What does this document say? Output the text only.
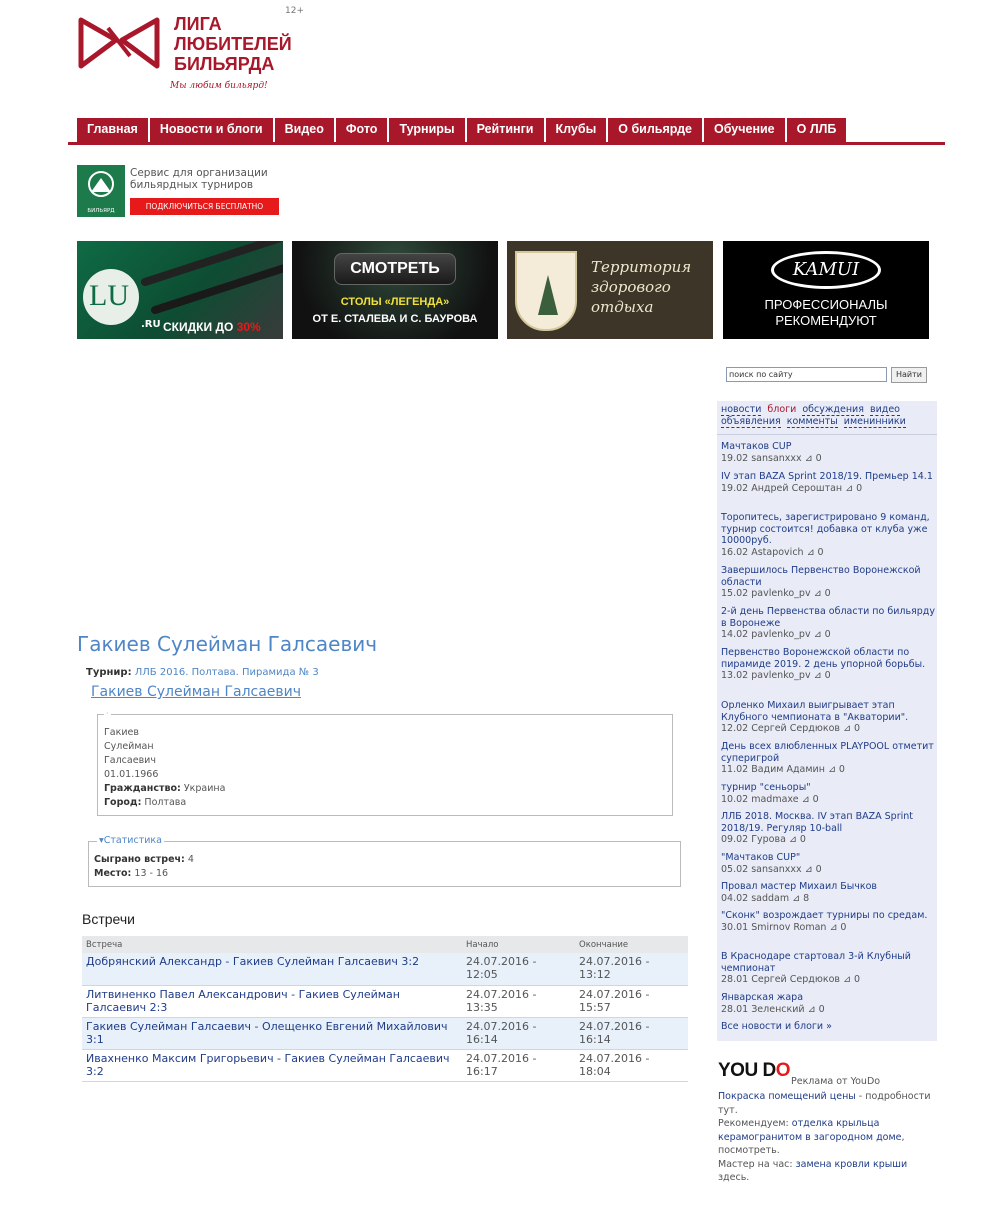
ЛИГА
ЛЮБИТЕЛЕЙ
БИЛЬЯРДА
Мы любим бильярд!
12+
Главная	Новости и блоги	Видео	Фото	Турниры	Рейтинги	Клубы	О бильярде	Обучение	О ЛЛБ
БИЛЬЯРД
Сервис для организации бильярдных турниров
ПОДКЛЮЧИТЬСЯ БЕСПЛАТНО
LU
.RU СКИДКИ ДО 30%
СМОТРЕТЬ
СТОЛЫ «ЛЕГЕНДА»
ОТ Е. СТАЛЕВА И С. БАУРОВА
Территория здорового отдыха
KAMUI
ПРОФЕССИОНАЛЫ РЕКОМЕНДУЮТ
поиск по сайту
Найти
новости блоги обсуждения видео объявления комменты именинники
Мачтаков CUP
19.02 sansanxxx ⊿ 0
IV этап BAZA Sprint 2018/19. Премьер 14.1
19.02 Андрей Сероштан ⊿ 0
Торопитесь, зарегистрировано 9 команд, турнир состоится! добавка от клуба уже 10000руб.
16.02 Astapovich ⊿ 0
Завершилось Первенство Воронежской области
15.02 pavlenko_pv ⊿ 0
2-й день Первенства области по бильярду в Воронеже
14.02 pavlenko_pv ⊿ 0
Первенство Воронежской области по пирамиде 2019. 2 день упорной борьбы.
13.02 pavlenko_pv ⊿ 0
Орленко Михаил выигрывает этап Клубного чемпионата в "Акватории".
12.02 Сергей Сердюков ⊿ 0
День всех влюбленных PLAYPOOL отметит суперигрой
11.02 Вадим Адамин ⊿ 0
турнир "сеньоры"
10.02 madmaxe ⊿ 0
ЛЛБ 2018. Москва. IV этап BAZA Sprint 2018/19. Регуляр 10-ball
09.02 Гурова ⊿ 0
"Мачтаков CUP"
05.02 sansanxxx ⊿ 0
Провал мастер Михаил Бычков
04.02 saddam ⊿ 8
"Сконк" возрождает турниры по средам.
30.01 Smirnov Roman ⊿ 0
В Краснодаре стартовал 3-й Клубный чемпионат
28.01 Сергей Сердюков ⊿ 0
Январская жара
28.01 Зеленский ⊿ 0
Все новости и блоги »
YOU DO
Реклама от YouDo
Покраска помещений цены - подробности тут.
Рекомендуем: отделка крыльца керамогранитом в загородном доме, посмотреть.
Мастер на час: замена кровли крыши здесь.
Гакиев Сулейман Галсаевич
Турнир: ЛЛБ 2016. Полтава. Пирамида № 3
Гакиев Сулейман Галсаевич
·
Гакиев
Сулейман
Галсаевич
01.01.1966
Гражданство: Украина
Город: Полтава
▾Статистика
Сыграно встреч: 4
Место: 13 - 16
Встречи
Встреча	Начало	Окончание
Добрянский Александр - Гакиев Сулейман Галсаевич 3:2	24.07.2016 - 12:05	24.07.2016 - 13:12
Литвиненко Павел Александрович - Гакиев Сулейман Галсаевич 2:3	24.07.2016 - 13:35	24.07.2016 - 15:57
Гакиев Сулейман Галсаевич - Олещенко Евгений Михайлович 3:1	24.07.2016 - 16:14	24.07.2016 - 16:14
Ивахненко Максим Григорьевич - Гакиев Сулейман Галсаевич 3:2	24.07.2016 - 16:17	24.07.2016 - 18:04
